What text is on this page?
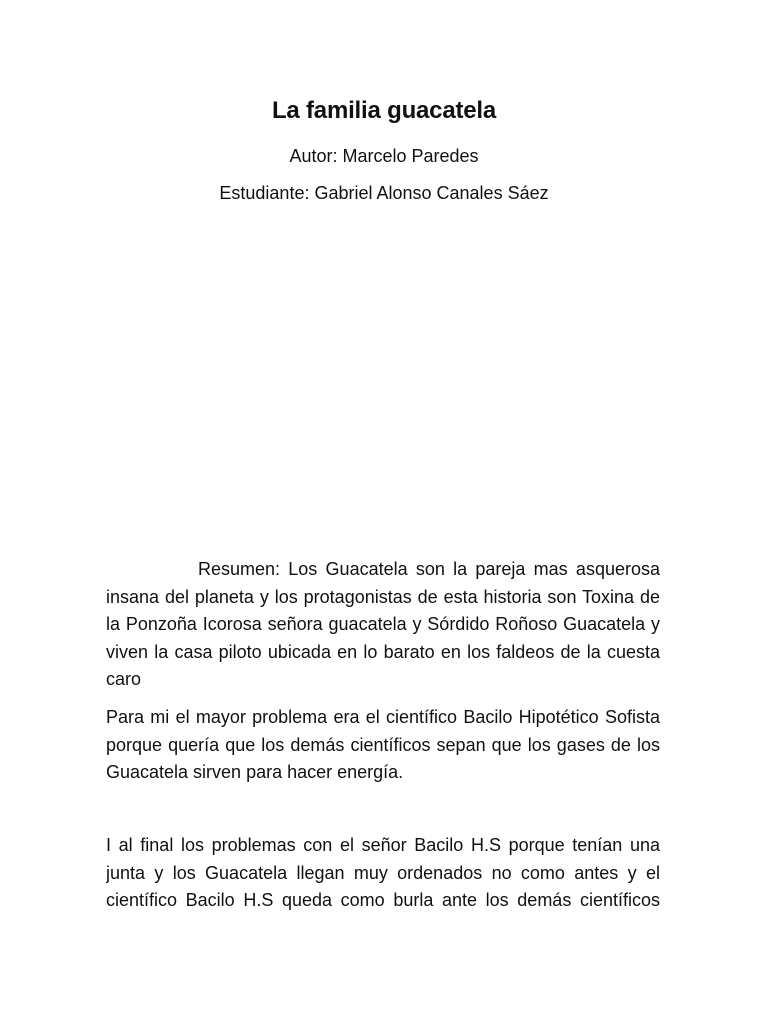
La familia guacatela
Autor: Marcelo Paredes
Estudiante: Gabriel Alonso Canales Sáez
Resumen: Los Guacatela son la pareja mas asquerosa insana del planeta y los protagonistas de esta historia son Toxina de la Ponzoña Icorosa señora guacatela y Sórdido Roñoso Guacatela y viven la casa piloto ubicada en lo barato en los faldeos de la cuesta caro
Para mi el mayor problema era el científico Bacilo Hipotético Sofista porque quería que los demás científicos sepan que los gases de los Guacatela sirven para hacer energía.
I al final los problemas con el señor Bacilo H.S porque tenían una junta y los Guacatela llegan muy ordenados no como antes y el científico Bacilo H.S queda como burla ante los demás científicos
